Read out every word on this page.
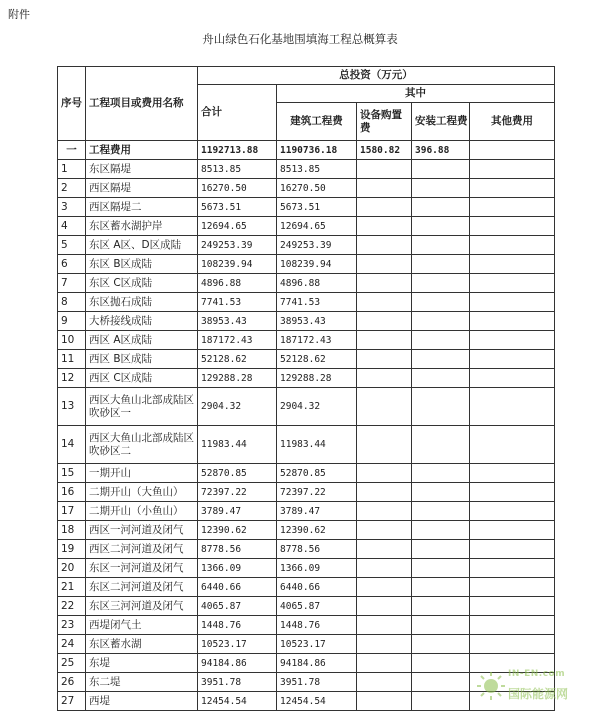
附件
舟山绿色石化基地围填海工程总概算表
序号	工程项目或费用名称	总投资（万元）				
		合计	其中			
			建筑工程费	设备购置费	安装工程费	其他费用
一	工程费用	1192713.88	1190736.18	1580.82	396.88	
1	东区隔堤	8513.85	8513.85			
2	西区隔堤	16270.50	16270.50			
3	西区隔堤二	5673.51	5673.51			
4	东区蓄水湖护岸	12694.65	12694.65			
5	东区 A区、D区成陆	249253.39	249253.39			
6	东区 B区成陆	108239.94	108239.94			
7	东区 C区成陆	4896.88	4896.88			
8	东区抛石成陆	7741.53	7741.53			
9	大桥接线成陆	38953.43	38953.43			
10	西区 A区成陆	187172.43	187172.43			
11	西区 B区成陆	52128.62	52128.62			
12	西区 C区成陆	129288.28	129288.28			
13	西区大鱼山北部成陆区吹砂区一	2904.32	2904.32			
14	西区大鱼山北部成陆区吹砂区二	11983.44	11983.44			
15	一期开山	52870.85	52870.85			
16	二期开山（大鱼山）	72397.22	72397.22			
17	二期开山（小鱼山）	3789.47	3789.47			
18	西区一河河道及闭气	12390.62	12390.62			
19	西区二河河道及闭气	8778.56	8778.56			
20	东区一河河道及闭气	1366.09	1366.09			
21	东区二河河道及闭气	6440.66	6440.66			
22	东区三河河道及闭气	4065.87	4065.87			
23	西堤闭气土	1448.76	1448.76			
24	东区蓄水湖	10523.17	10523.17			
25	东堤	94184.86	94184.86			
26	东二堤	3951.78	3951.78			
27	西堤	12454.54	12454.54			
IN-EN.com
国际能源网
